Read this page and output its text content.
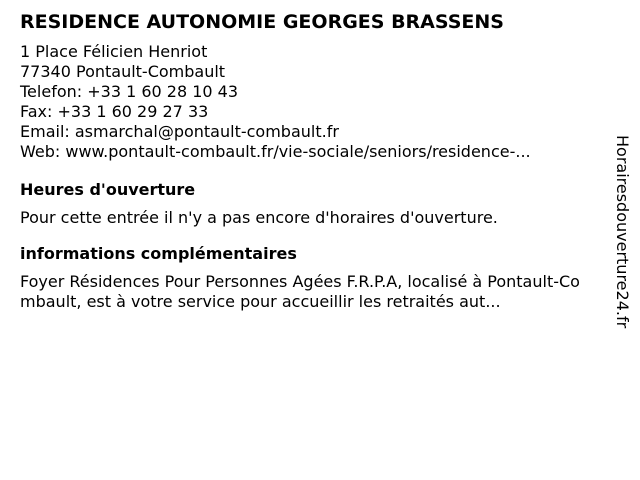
RESIDENCE AUTONOMIE GEORGES BRASSENS
1 Place Félicien Henriot
77340 Pontault-Combault
Telefon: +33 1 60 28 10 43
Fax: +33 1 60 29 27 33
Email: asmarchal@pontault-combault.fr
Web: www.pontault-combault.fr/vie-sociale/seniors/residence-...
Heures d'ouverture
Pour cette entrée il n'y a pas encore d'horaires d'ouverture.
informations complémentaires
Foyer Résidences Pour Personnes Agées F.R.P.A, localisé à Pontault-Combault, est à votre service pour accueillir les retraités aut...	Horairesdouverture24.fr
